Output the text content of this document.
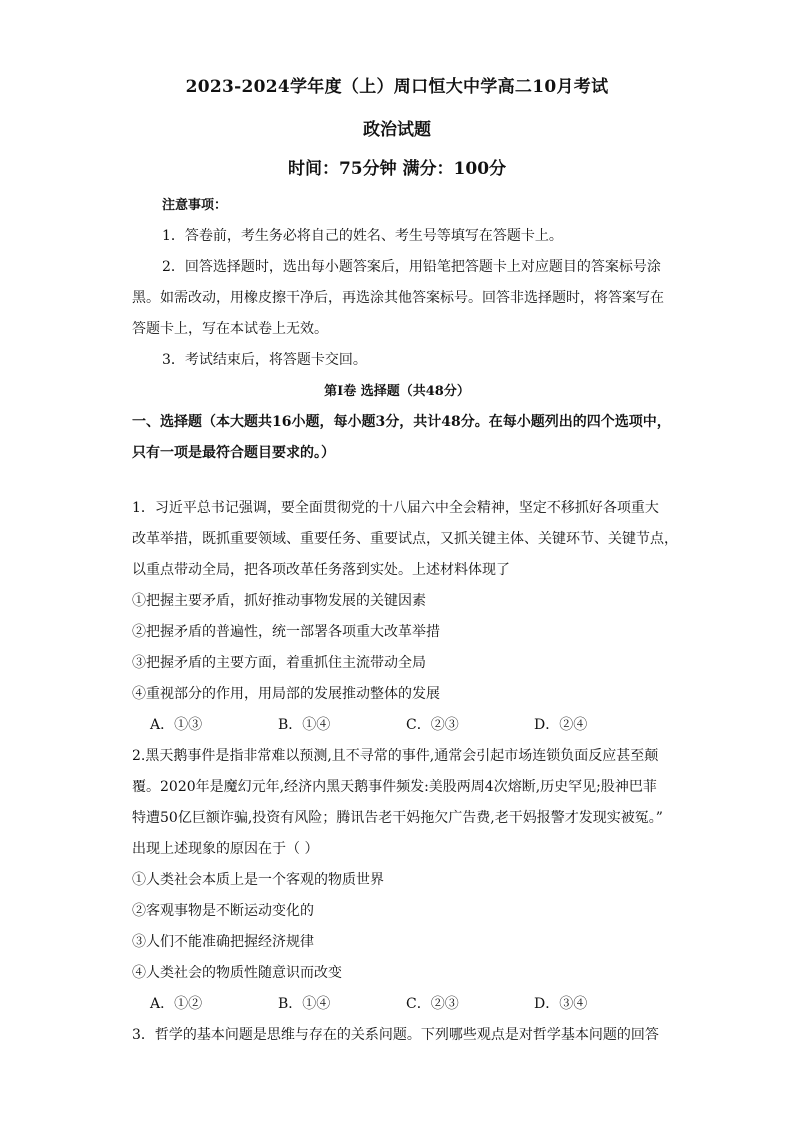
2023-2024学年度（上）周口恒大中学高二10月考试
政治试题
时间：75分钟 满分：100分
注意事项：
1．答卷前，考生务必将自己的姓名、考生号等填写在答题卡上。
2．回答选择题时，选出每小题答案后，用铅笔把答题卡上对应题目的答案标号涂
黑。如需改动，用橡皮擦干净后，再选涂其他答案标号。回答非选择题时，将答案写在
答题卡上，写在本试卷上无效。
3．考试结束后，将答题卡交回。
第Ⅰ卷 选择题（共48分）
一、选择题（本大题共16小题，每小题3分，共计48分。在每小题列出的四个选项中，
只有一项是最符合题目要求的。）
1．习近平总书记强调，要全面贯彻党的十八届六中全会精神，坚定不移抓好各项重大
改革举措，既抓重要领域、重要任务、重要试点，又抓关键主体、关键环节、关键节点，
以重点带动全局，把各项改革任务落到实处。上述材料体现了
①把握主要矛盾，抓好推动事物发展的关键因素
②把握矛盾的普遍性，统一部署各项重大改革举措
③把握矛盾的主要方面，着重抓住主流带动全局
④重视部分的作用，用局部的发展推动整体的发展
A．①③	B．①④	C．②③	D．②④
2.黑天鹅事件是指非常难以预测,且不寻常的事件,通常会引起市场连锁负面反应甚至颠
覆。2020年是魔幻元年,经济内黑天鹅事件频发:美股两周4次熔断,历史罕见;股神巴菲
特遭50亿巨额诈骗,投资有风险；腾讯告老干妈拖欠广告费,老干妈报警才发现实被冤。”
出现上述现象的原因在于（ ）
①人类社会本质上是一个客观的物质世界
②客观事物是不断运动变化的
③人们不能准确把握经济规律
④人类社会的物质性随意识而改变
A．①②	B．①④	C．②③	D．③④
3．哲学的基本问题是思维与存在的关系问题。下列哪些观点是对哲学基本问题的回答
